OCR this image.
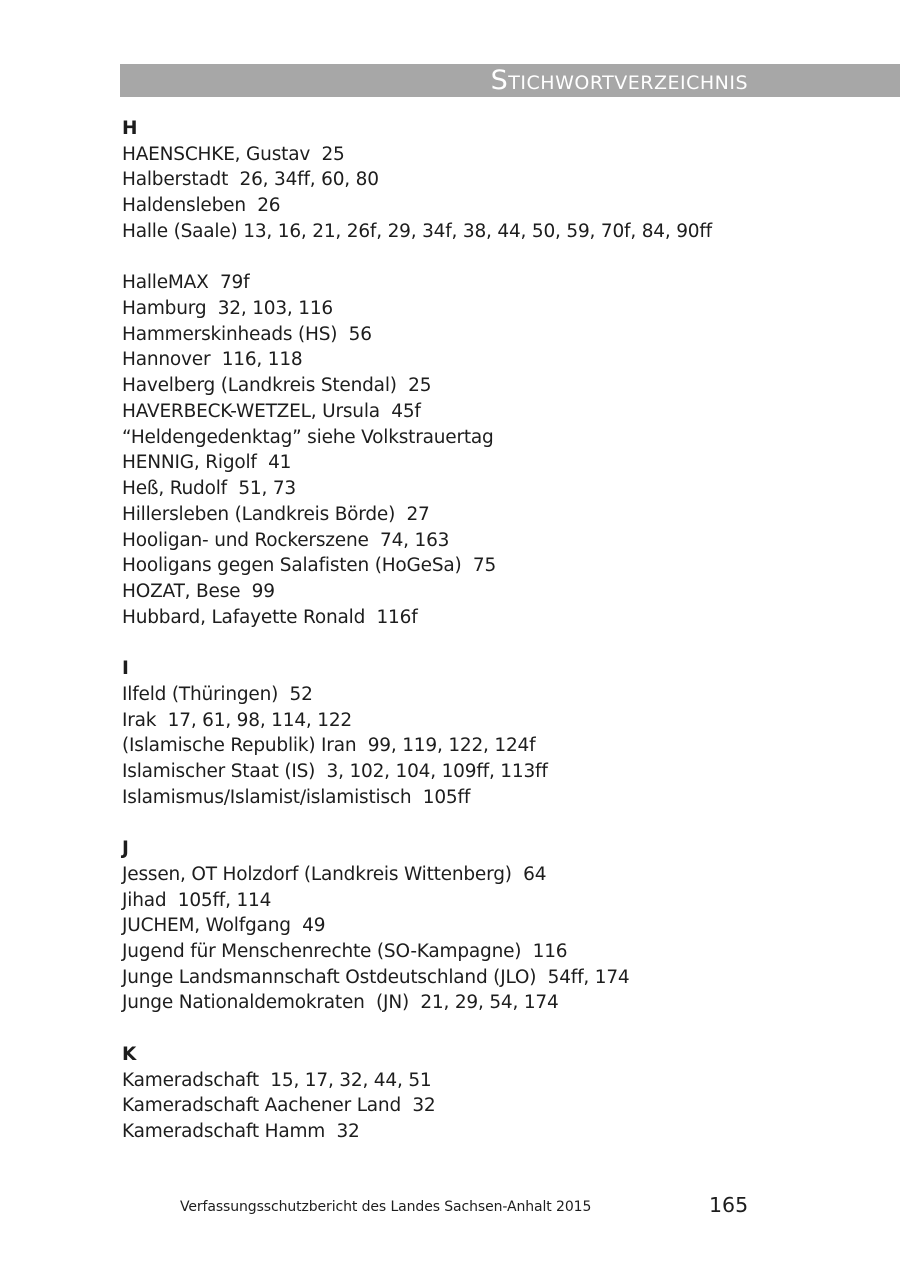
Stichwortverzeichnis
H
HAENSCHKE, Gustav  25
Halberstadt  26, 34ff, 60, 80
Haldensleben  26
Halle (Saale) 13, 16, 21, 26f, 29, 34f, 38, 44, 50, 59, 70f, 84, 90ff
HalleMAX  79f
Hamburg  32, 103, 116
Hammerskinheads (HS)  56
Hannover  116, 118
Havelberg (Landkreis Stendal)  25
HAVERBECK-WETZEL, Ursula  45f
“Heldengedenktag” siehe Volkstrauertag
HENNIG, Rigolf  41
Heß, Rudolf  51, 73
Hillersleben (Landkreis Börde)  27
Hooligan- und Rockerszene  74, 163
Hooligans gegen Salafisten (HoGeSa)  75
HOZAT, Bese  99
Hubbard, Lafayette Ronald  116f
I
Ilfeld (Thüringen)  52
Irak  17, 61, 98, 114, 122
(Islamische Republik) Iran  99, 119, 122, 124f
Islamischer Staat (IS)  3, 102, 104, 109ff, 113ff
Islamismus/Islamist/islamistisch  105ff
J
Jessen, OT Holzdorf (Landkreis Wittenberg)  64
Jihad  105ff, 114
JUCHEM, Wolfgang  49
Jugend für Menschenrechte (SO-Kampagne)  116
Junge Landsmannschaft Ostdeutschland (JLO)  54ff, 174
Junge Nationaldemokraten  (JN)  21, 29, 54, 174
K
Kameradschaft  15, 17, 32, 44, 51
Kameradschaft Aachener Land  32
Kameradschaft Hamm  32
Verfassungsschutzbericht des Landes Sachsen-Anhalt 2015	165
